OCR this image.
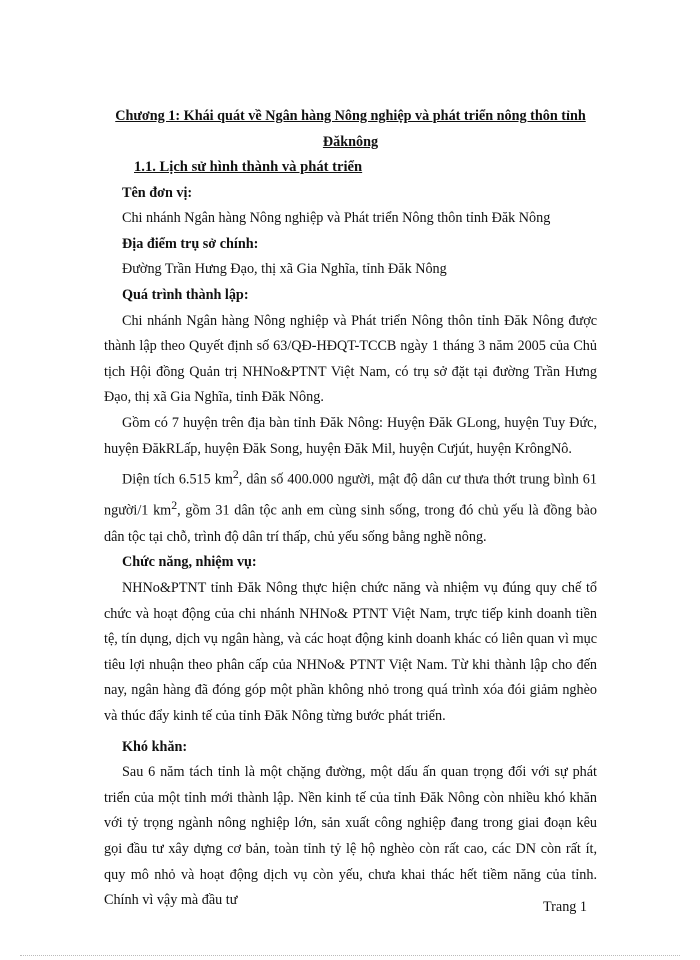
Chương 1: Khái quát về Ngân hàng Nông nghiệp và phát triển nông thôn tỉnh Đăknông

1.1. Lịch sử hình thành và phát triển

Tên đơn vị:

Chi nhánh Ngân hàng Nông nghiệp và Phát triển Nông thôn tỉnh Đăk Nông

Địa điểm trụ sở chính:

Đường Trần Hưng Đạo, thị xã Gia Nghĩa, tỉnh Đăk Nông

Quá trình thành lập:

Chi nhánh Ngân hàng Nông nghiệp và Phát triển Nông thôn tỉnh Đăk Nông được thành lập theo Quyết định số 63/QĐ-HĐQT-TCCB ngày 1 tháng 3 năm 2005 của Chủ tịch Hội đồng Quản trị NHNo&PTNT Việt Nam, có trụ sở đặt tại đường Trần Hưng Đạo, thị xã Gia Nghĩa, tỉnh Đăk Nông.

Gồm có 7 huyện trên địa bàn tỉnh Đăk Nông: Huyện Đăk GLong, huyện Tuy Đức, huyện ĐăkRLấp, huyện Đăk Song, huyện Đăk Mil, huyện Cưjút, huyện KrôngNô.

Diện tích 6.515 $km^2$, dân số 400.000 người, mật độ dân cư thưa thớt trung bình 61 người/1 $km^2$, gồm 31 dân tộc anh em cùng sinh sống, trong đó chủ yếu là đồng bào dân tộc tại chỗ, trình độ dân trí thấp, chủ yếu sống bằng nghề nông.

Chức năng, nhiệm vụ:

NHNo&PTNT tỉnh Đăk Nông thực hiện chức năng và nhiệm vụ đúng quy chế tổ chức và hoạt động của chi nhánh NHNo& PTNT Việt Nam, trực tiếp kinh doanh tiền tệ, tín dụng, dịch vụ ngân hàng, và các hoạt động kinh doanh khác có liên quan vì mục tiêu lợi nhuận theo phân cấp của NHNo& PTNT Việt Nam. Từ khi thành lập cho đến nay, ngân hàng đã đóng góp một phần không nhỏ trong quá trình xóa đói giảm nghèo và thúc đẩy kinh tế của tỉnh Đăk Nông từng bước phát triển.

Khó khăn:

Sau 6 năm tách tỉnh là một chặng đường, một dấu ấn quan trọng đối với sự phát triển của một tỉnh mới thành lập. Nền kinh tế của tỉnh Đăk Nông còn nhiều khó khăn với tỷ trọng ngành nông nghiệp lớn, sản xuất công nghiệp đang trong giai đoạn kêu gọi đầu tư xây dựng cơ bản, toàn tỉnh tỷ lệ hộ nghèo còn rất cao, các DN còn rất ít, quy mô nhỏ và hoạt động dịch vụ còn yếu, chưa khai thác hết tiềm năng của tỉnh. Chính vì vậy mà đầu tư	Trang 1
